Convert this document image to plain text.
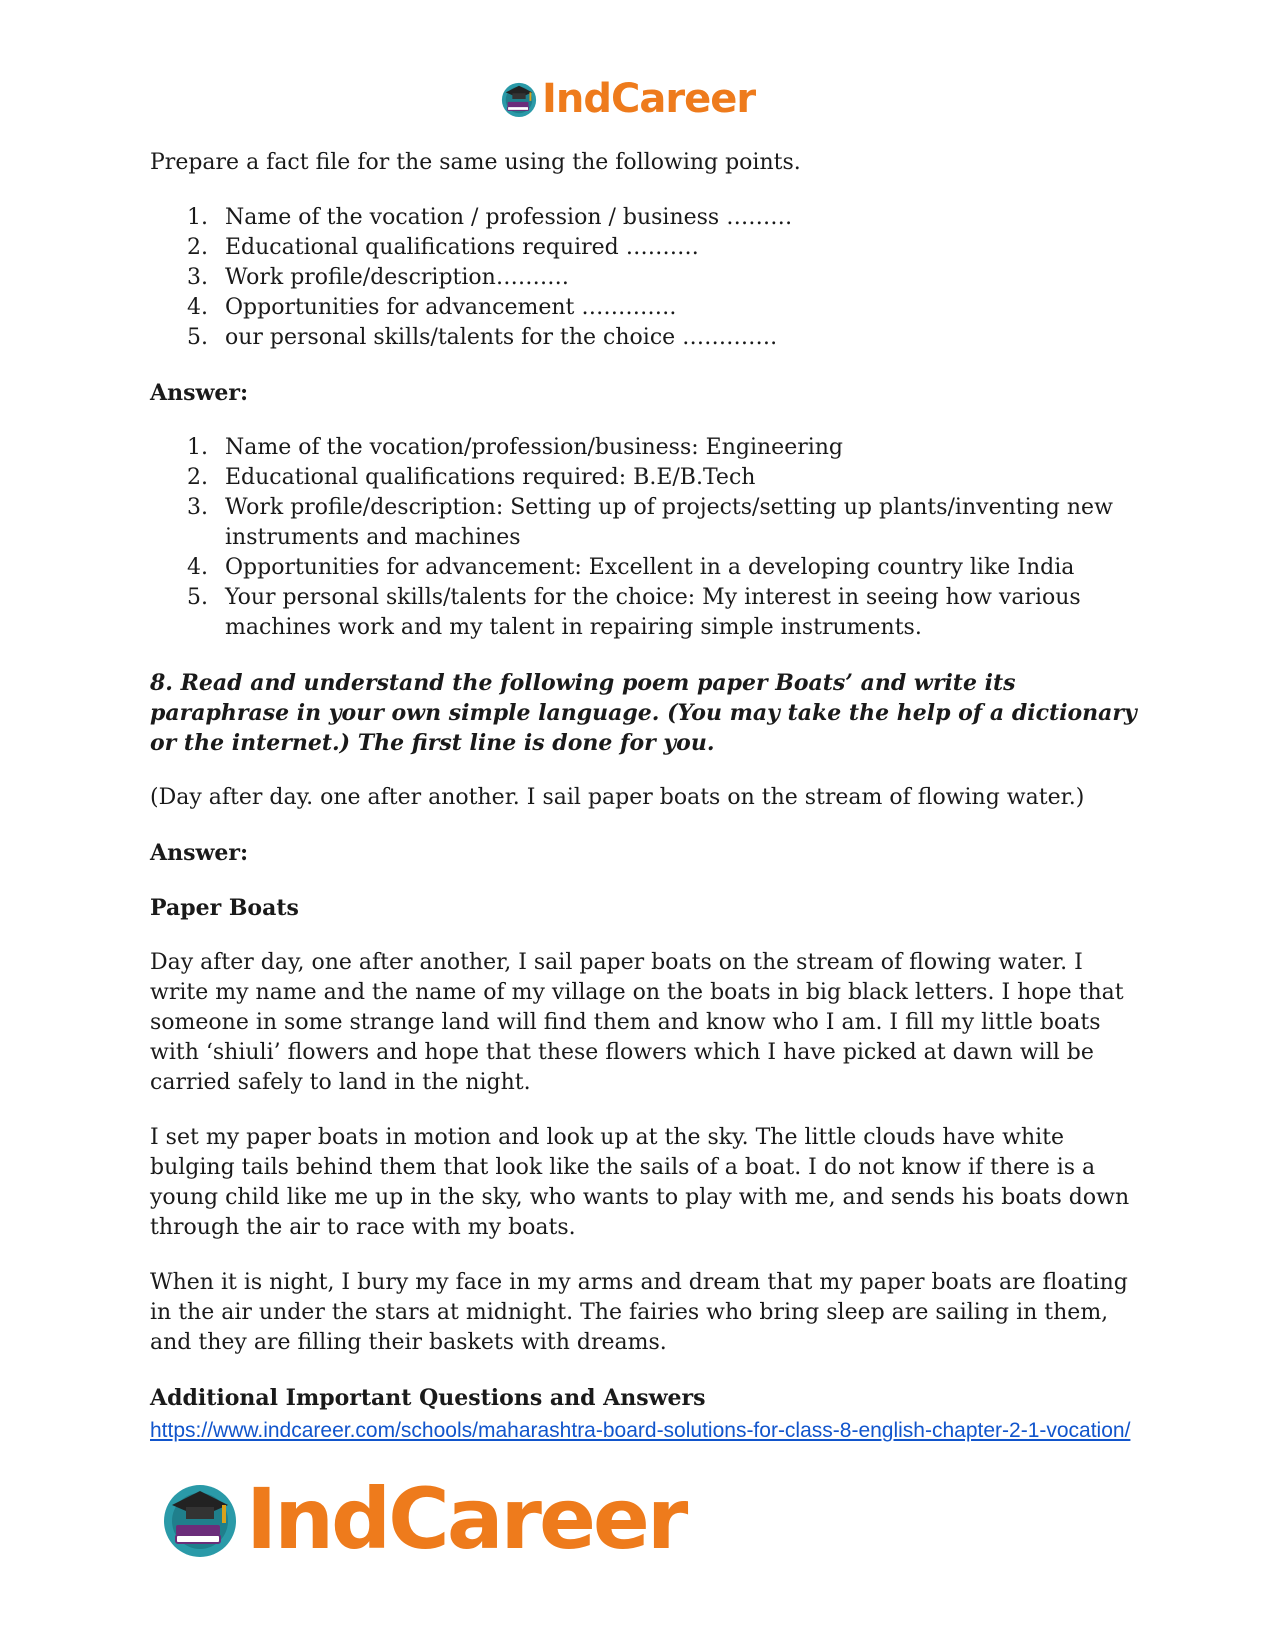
IndCareer

Prepare a fact file for the same using the following points.

1. Name of the vocation / profession / business ………
2. Educational qualifications required ……….
3. Work profile/description……….
4. Opportunities for advancement ………….
5. our personal skills/talents for the choice ………….

Answer:

1. Name of the vocation/profession/business: Engineering
2. Educational qualifications required: B.E/B.Tech
3. Work profile/description: Setting up of projects/setting up plants/inventing new instruments and machines
4. Opportunities for advancement: Excellent in a developing country like India
5. Your personal skills/talents for the choice: My interest in seeing how various machines work and my talent in repairing simple instruments.

8. Read and understand the following poem paper Boats’ and write its paraphrase in your own simple language. (You may take the help of a dictionary or the internet.) The first line is done for you.

(Day after day. one after another. I sail paper boats on the stream of flowing water.)

Answer:

Paper Boats

Day after day, one after another, I sail paper boats on the stream of flowing water. I write my name and the name of my village on the boats in big black letters. I hope that someone in some strange land will find them and know who I am. I fill my little boats with ‘shiuli’ flowers and hope that these flowers which I have picked at dawn will be carried safely to land in the night.

I set my paper boats in motion and look up at the sky. The little clouds have white bulging tails behind them that look like the sails of a boat. I do not know if there is a young child like me up in the sky, who wants to play with me, and sends his boats down through the air to race with my boats.

When it is night, I bury my face in my arms and dream that my paper boats are floating in the air under the stars at midnight. The fairies who bring sleep are sailing in them, and they are filling their baskets with dreams.

Additional Important Questions and Answers

https://www.indcareer.com/schools/maharashtra-board-solutions-for-class-8-english-chapter-2-1-vocation/
IndCareer
